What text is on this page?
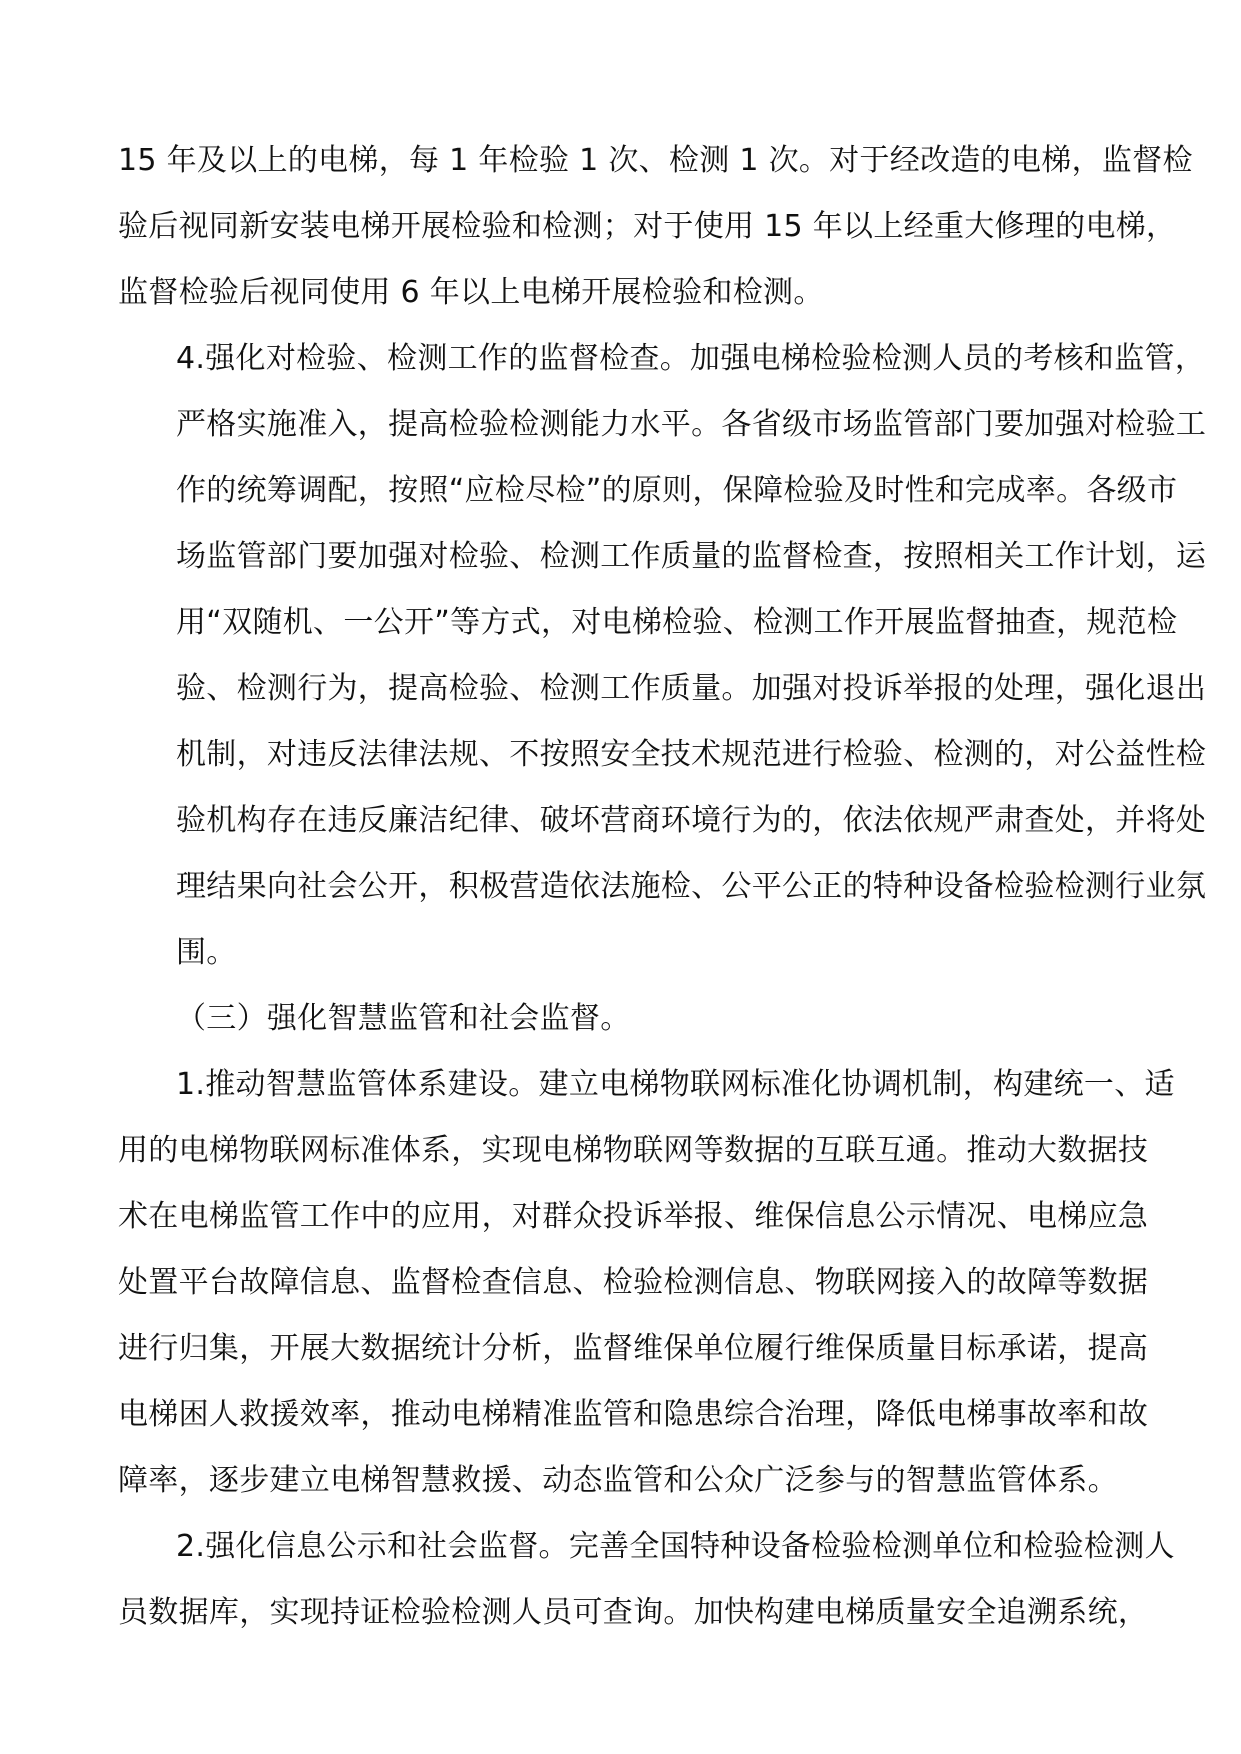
15 年及以上的电梯，每 1 年检验 1 次、检测 1 次。对于经改造的电梯，监督检
验后视同新安装电梯开展检验和检测；对于使用 15 年以上经重大修理的电梯，
监督检验后视同使用 6 年以上电梯开展检验和检测。
4.强化对检验、检测工作的监督检查。加强电梯检验检测人员的考核和监管，
严格实施准入，提高检验检测能力水平。各省级市场监管部门要加强对检验工
作的统筹调配，按照“应检尽检”的原则，保障检验及时性和完成率。各级市
场监管部门要加强对检验、检测工作质量的监督检查，按照相关工作计划，运
用“双随机、一公开”等方式，对电梯检验、检测工作开展监督抽查，规范检
验、检测行为，提高检验、检测工作质量。加强对投诉举报的处理，强化退出
机制，对违反法律法规、不按照安全技术规范进行检验、检测的，对公益性检
验机构存在违反廉洁纪律、破坏营商环境行为的，依法依规严肃查处，并将处
理结果向社会公开，积极营造依法施检、公平公正的特种设备检验检测行业氛
围。
（三）强化智慧监管和社会监督。
1.推动智慧监管体系建设。建立电梯物联网标准化协调机制，构建统一、适
用的电梯物联网标准体系，实现电梯物联网等数据的互联互通。推动大数据技
术在电梯监管工作中的应用，对群众投诉举报、维保信息公示情况、电梯应急
处置平台故障信息、监督检查信息、检验检测信息、物联网接入的故障等数据
进行归集，开展大数据统计分析，监督维保单位履行维保质量目标承诺，提高
电梯困人救援效率，推动电梯精准监管和隐患综合治理，降低电梯事故率和故
障率，逐步建立电梯智慧救援、动态监管和公众广泛参与的智慧监管体系。
2.强化信息公示和社会监督。完善全国特种设备检验检测单位和检验检测人
员数据库，实现持证检验检测人员可查询。加快构建电梯质量安全追溯系统，
